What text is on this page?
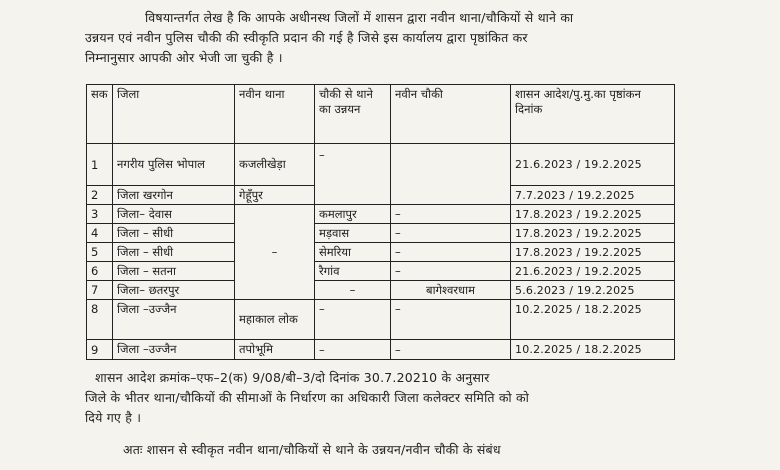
विषयान्तर्गत लेख है कि आपके अधीनस्थ जिलों में शासन द्वारा नवीन थाना/चौकियों से थाने का
उन्नयन एवं नवीन पुलिस चौकी की स्वीकृति प्रदान की गई है जिसे इस कार्यालय द्वारा पृष्ठांकित कर
निम्नानुसार आपकी ओर भेजी जा चुकी है ।
सक	जिला	नवीन थाना	चौकी से थाने का उन्नयन	नवीन चौकी	शासन आदेश/पु.मु.का पृष्ठांकन दिनांक
1	नगरीय पुलिस भोपाल	कजलीखेड़ा	–		21.6.2023 / 19.2.2025
2	जिला खरगोन	गेहूँपुर			7.7.2023 / 19.2.2025
3	जिला– देवास	–	कमलापुर	–	17.8.2023 / 19.2.2025
4	जिला – सीधी		मड़वास	–	17.8.2023 / 19.2.2025
5	जिला – सीधी		सेमरिया	–	17.8.2023 / 19.2.2025
6	जिला – सतना		रैगांव	–	21.6.2023 / 19.2.2025
7	जिला– छतरपुर		–	बागेश्वरधाम	5.6.2023 / 19.2.2025
8	जिला –उज्जैन	महाकाल लोक	–	–	10.2.2025 / 18.2.2025
9	जिला –उज्जैन	तपोभूमि	–	–	10.2.2025 / 18.2.2025
शासन आदेश क्रमांक–एफ–2(क) 9/08/बी–3/दो दिनांक 30.7.20210 के अनुसार
जिले के भीतर थाना/चौकियों की सीमाओं के निर्धारण का अधिकारी जिला कलेक्टर समिति को को
दिये गए है ।
अतः शासन से स्वीकृत नवीन थाना/चौकियों से थाने के उन्नयन/नवीन चौकी के संबंध
